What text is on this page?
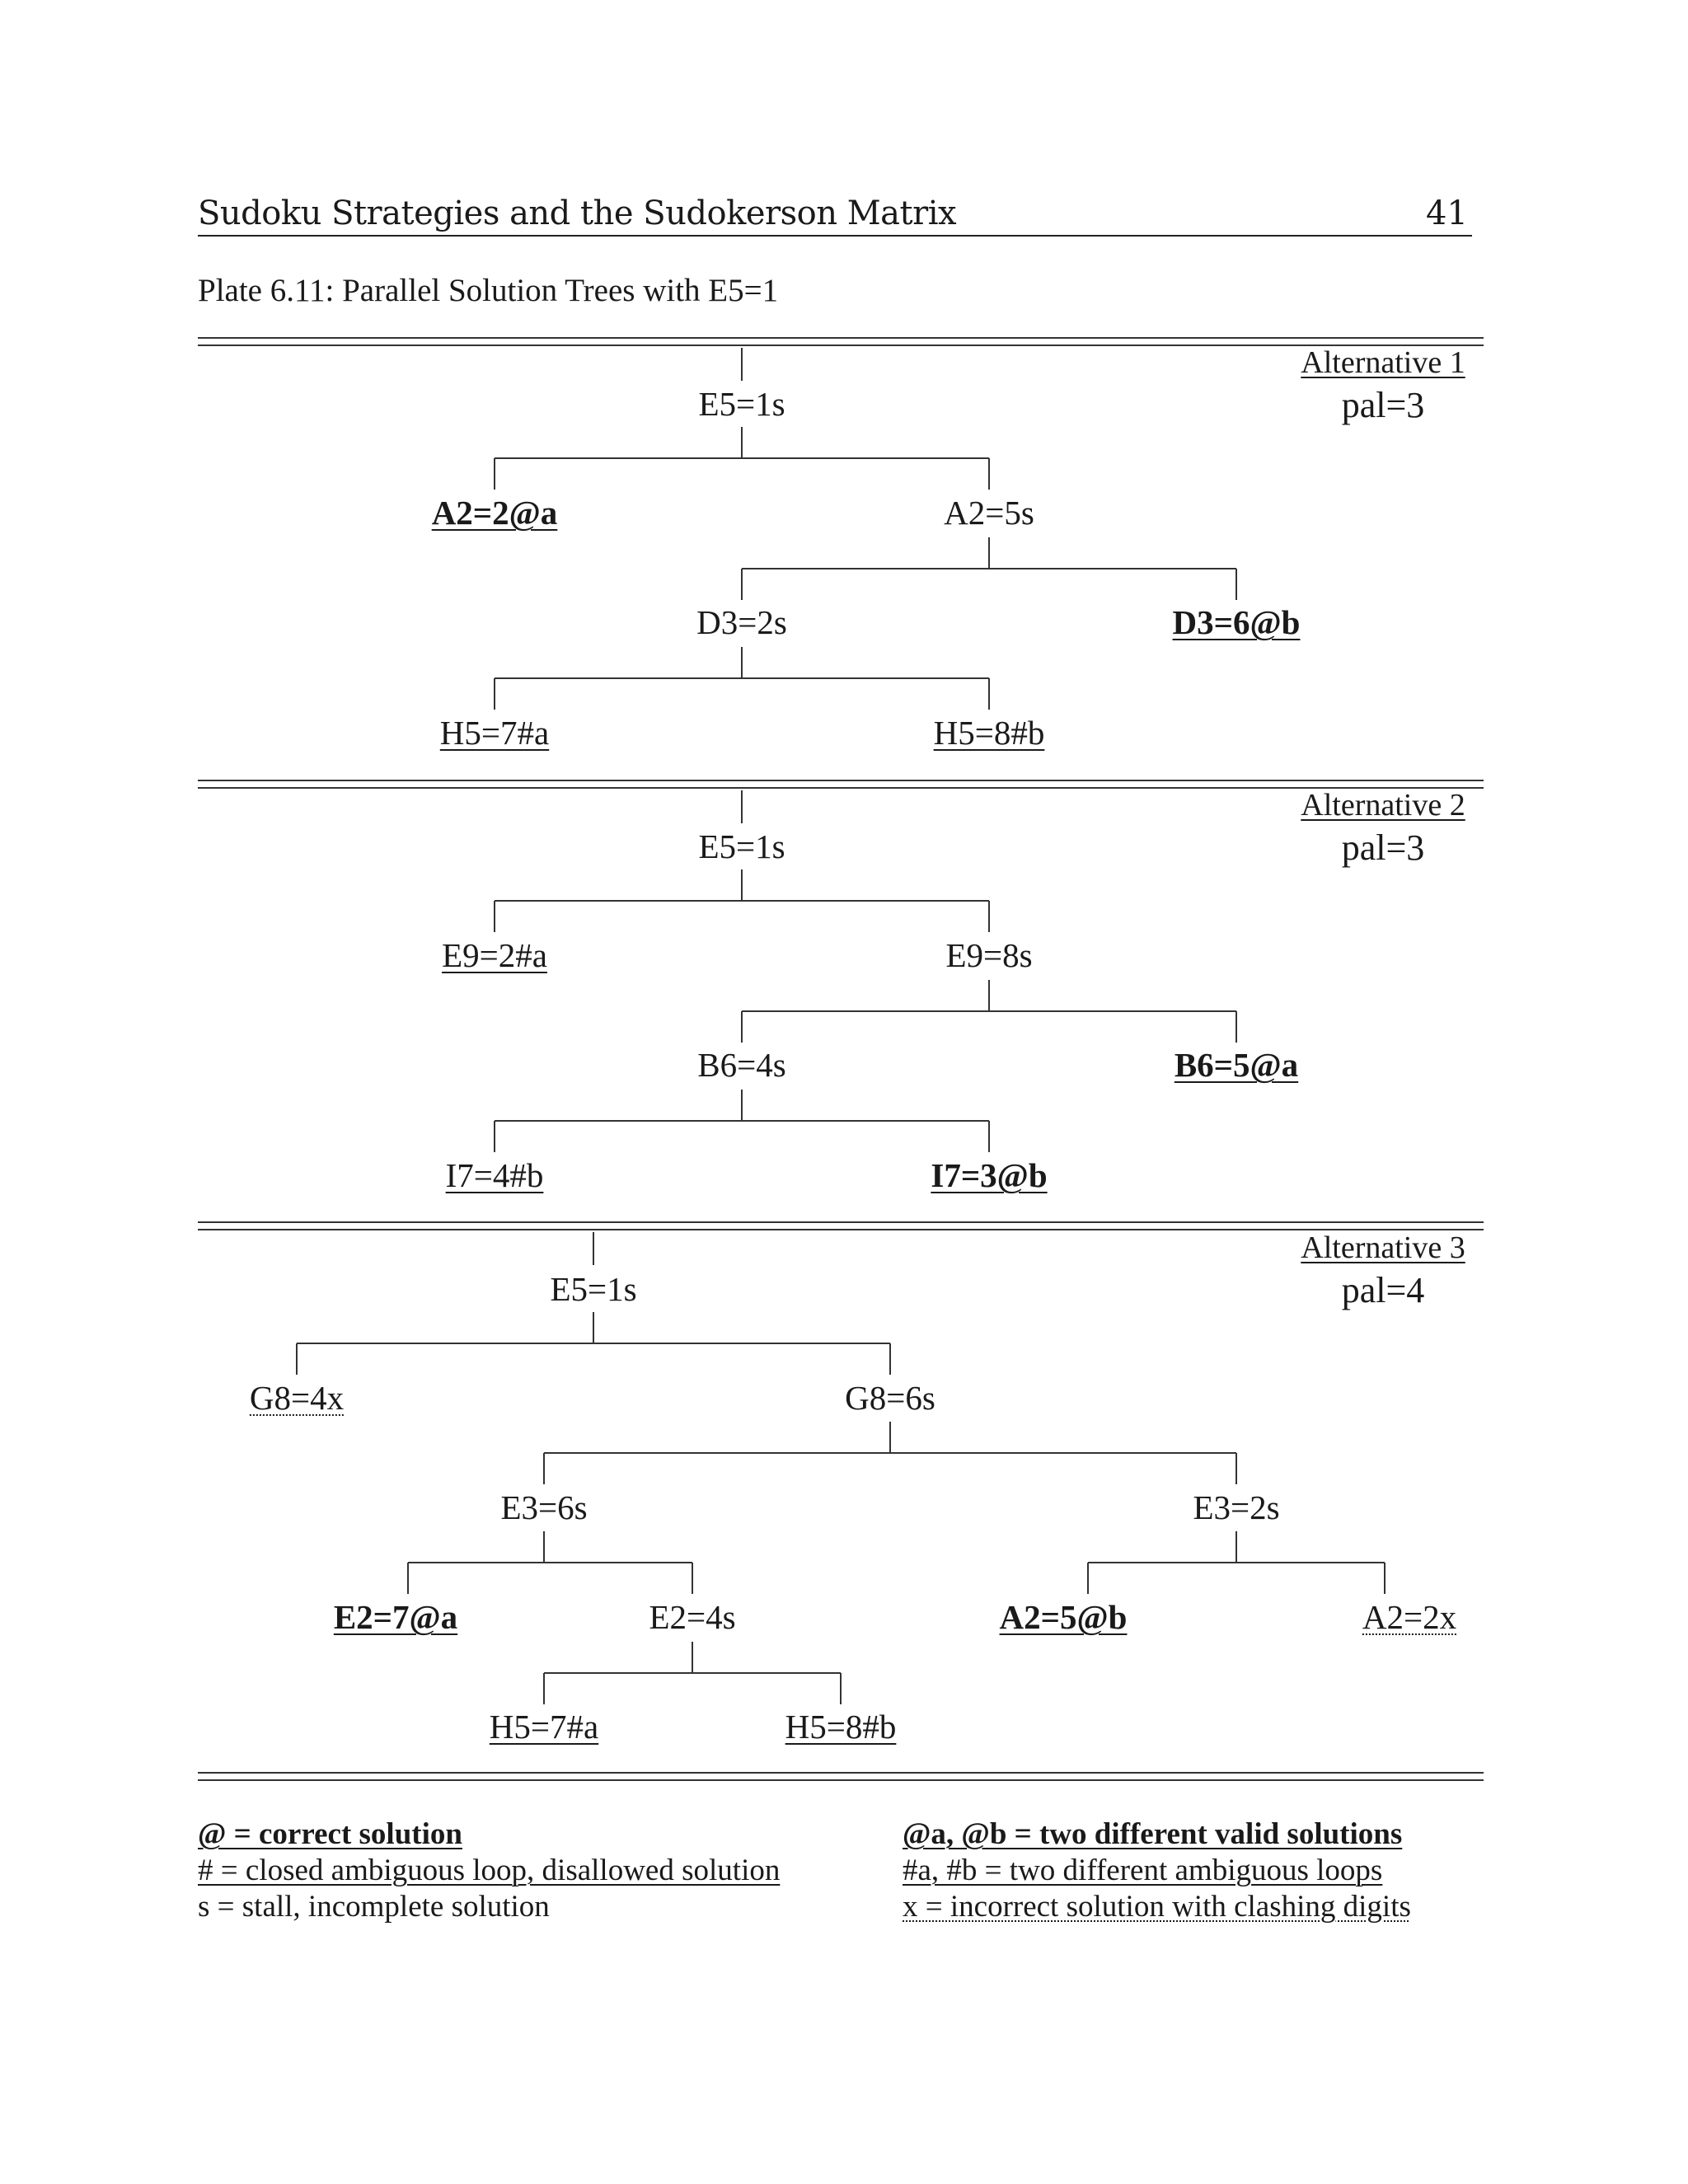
Sudoku Strategies and the Sudokerson Matrix	41
Plate 6.11: Parallel Solution Trees with E5=1
Alternative 1
pal=3
E5=1s
A2=2@a	A2=5s
D3=2s	D3=6@b
H5=7#a	H5=8#b
Alternative 2
pal=3
E5=1s
E9=2#a	E9=8s
B6=4s	B6=5@a
I7=4#b	I7=3@b
Alternative 3
pal=4
E5=1s
G8=4x	G8=6s
E3=6s	E3=2s
E2=7@a	E2=4s	A2=5@b	A2=2x
H5=7#a	H5=8#b
@ = correct solution
# = closed ambiguous loop, disallowed solution
s = stall, incomplete solution
@a, @b = two different valid solutions
#a, #b = two different ambiguous loops
x = incorrect solution with clashing digits
